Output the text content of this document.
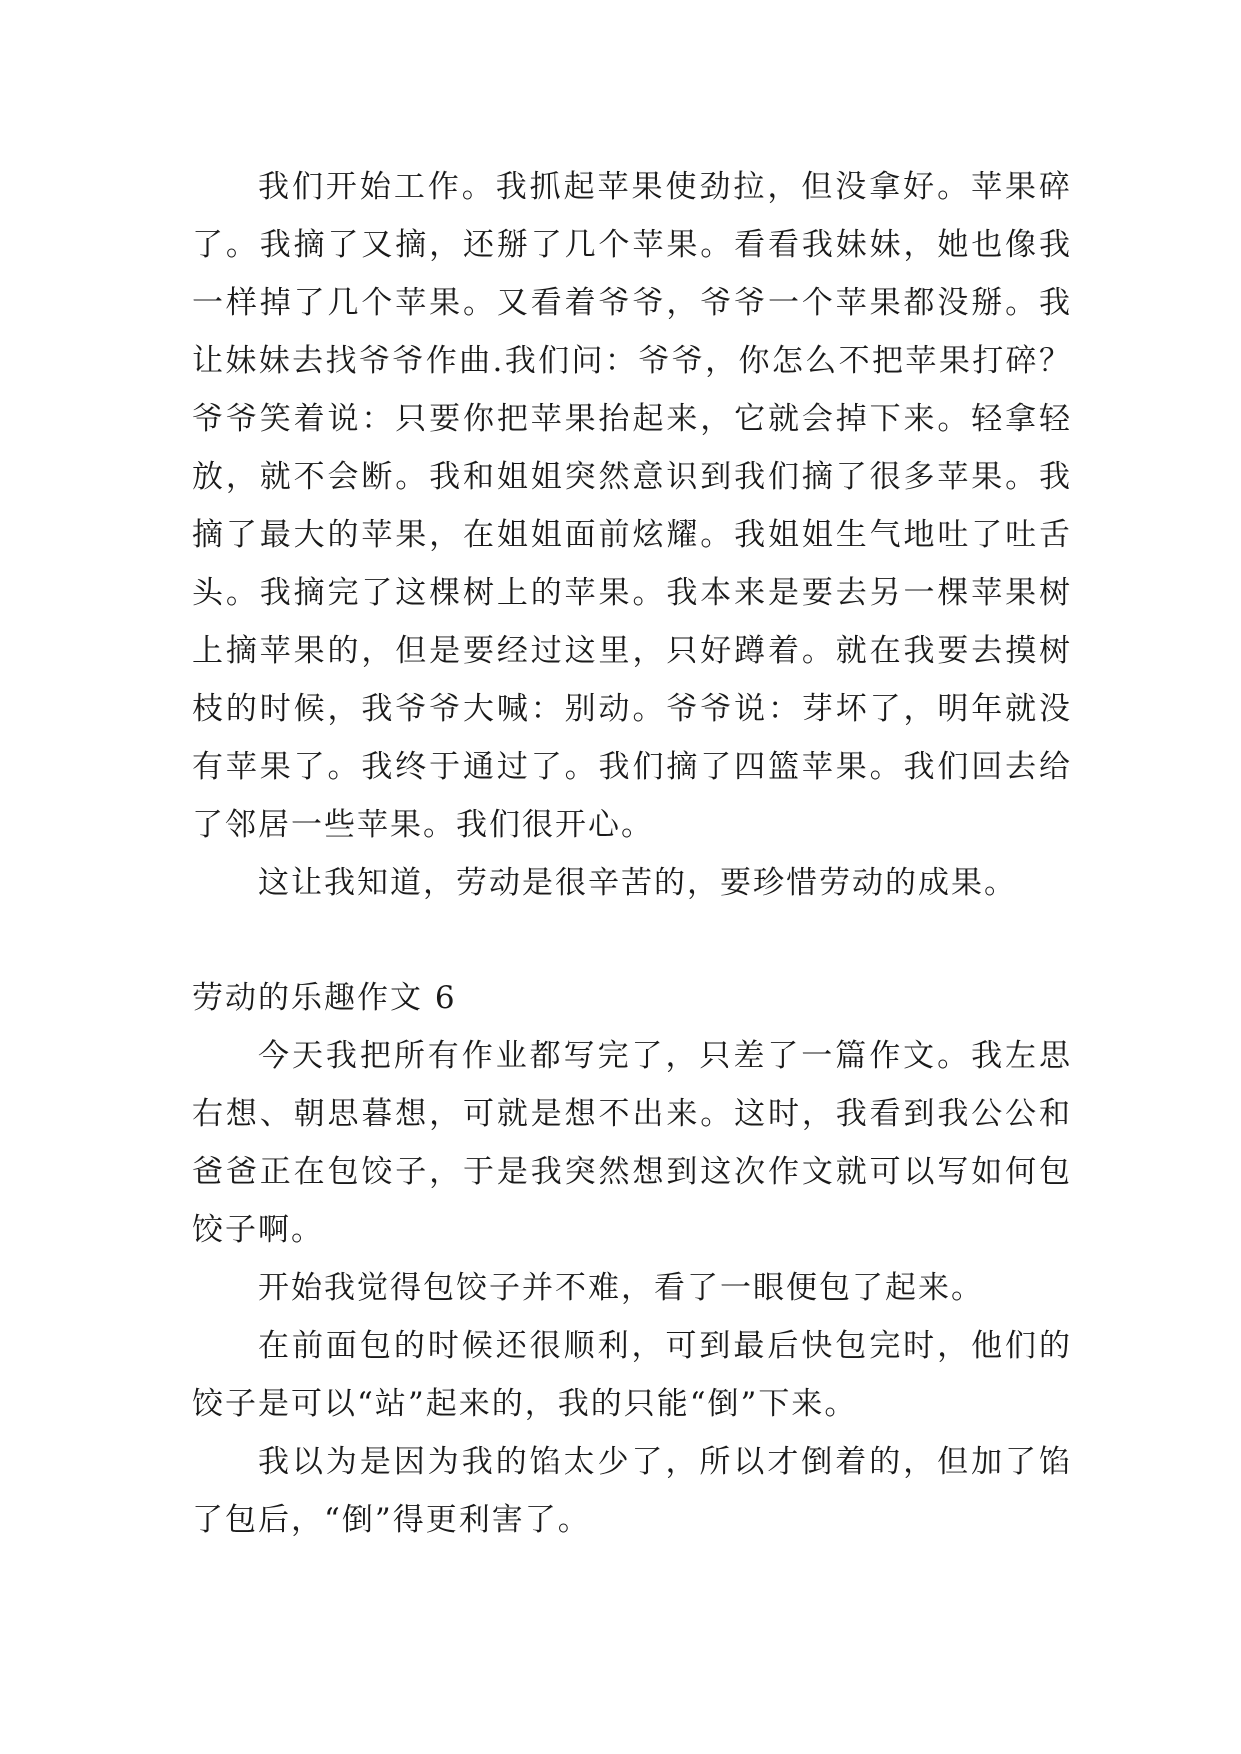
我们开始工作。我抓起苹果使劲拉，但没拿好。苹果碎了。我摘了又摘，还掰了几个苹果。看看我妹妹，她也像我一样掉了几个苹果。又看着爷爷，爷爷一个苹果都没掰。我让妹妹去找爷爷作曲.我们问：爷爷，你怎么不把苹果打碎？爷爷笑着说：只要你把苹果抬起来，它就会掉下来。轻拿轻放，就不会断。我和姐姐突然意识到我们摘了很多苹果。我摘了最大的苹果，在姐姐面前炫耀。我姐姐生气地吐了吐舌头。我摘完了这棵树上的苹果。我本来是要去另一棵苹果树上摘苹果的，但是要经过这里，只好蹲着。就在我要去摸树枝的时候，我爷爷大喊：别动。爷爷说：芽坏了，明年就没有苹果了。我终于通过了。我们摘了四篮苹果。我们回去给了邻居一些苹果。我们很开心。

这让我知道，劳动是很辛苦的，要珍惜劳动的成果。

劳动的乐趣作文 6

今天我把所有作业都写完了，只差了一篇作文。我左思右想、朝思暮想，可就是想不出来。这时，我看到我公公和爸爸正在包饺子，于是我突然想到这次作文就可以写如何包饺子啊。

开始我觉得包饺子并不难，看了一眼便包了起来。

在前面包的时候还很顺利，可到最后快包完时，他们的饺子是可以“站”起来的，我的只能“倒”下来。

我以为是因为我的馅太少了，所以才倒着的，但加了馅了包后，“倒”得更利害了。
